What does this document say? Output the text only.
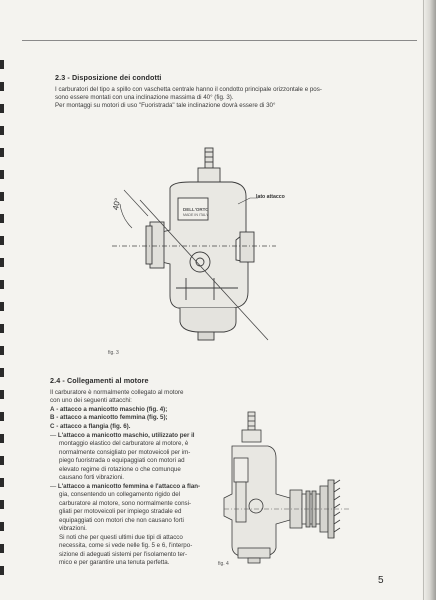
2.3 - Disposizione dei condotti
I carburatori del tipo a spillo con vaschetta centrale hanno il condotto principale orizzontale e pos-
sono essere montati con una inclinazione massima di 40° (fig. 3).
Per montaggi su motori di uso "Fuoristrada" tale inclinazione dovrà essere di 30°
DELL'ORTO
MADE IN ITALY
40°
lato attacco
fig. 3
2.4 - Collegamenti al motore
Il carburatore è normalmente collegato al motore
con uno dei seguenti attacchi:
A - attacco a manicotto maschio (fig. 4);
B - attacco a manicotto femmina (fig. 5);
C - attacco a flangia (fig. 6).
— L'attacco a manicotto maschio, utilizzato per il
montaggio elastico del carburatore al motore, è
normalmente consigliato per motoveicoli per im-
piego fuoristrada o equipaggiati con motori ad
elevato regime di rotazione o che comunque
causano forti vibrazioni.
— L'attacco a manicotto femmina e l'attacco a flan-
gia, consentendo un collegamento rigido del
carburatore al motore, sono normalmente consi-
gliati per motoveicoli per impiego stradale ed
equipaggiati con motori che non causano forti
vibrazioni.
Si noti che per questi ultimi due tipi di attacco
necessita, come si vede nelle fig. 5 e 6, l'interpo-
sizione di adeguati sistemi per l'isolamento ter-
mico e per garantire una tenuta perfetta.	fig. 4
5
